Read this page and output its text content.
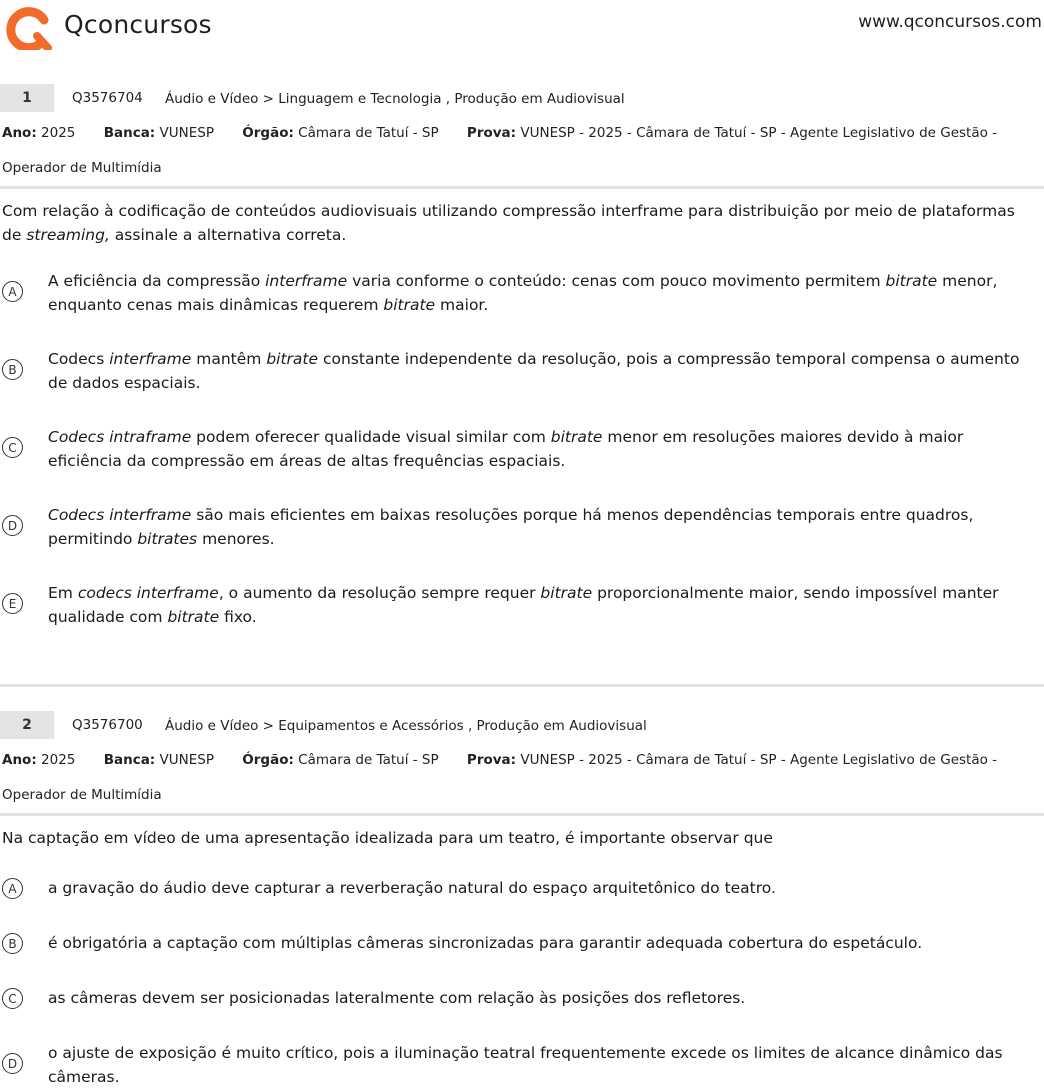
Qconcursos	www.qconcursos.com
1	Q3576704 Áudio e Vídeo > Linguagem e Tecnologia , Produção em Audiovisual
Ano: 2025 Banca: VUNESP Órgão: Câmara de Tatuí - SP Prova: VUNESP - 2025 - Câmara de Tatuí - SP - Agente Legislativo de Gestão - Operador de Multimídia
Com relação à codificação de conteúdos audiovisuais utilizando compressão interframe para distribuição por meio de plataformas de streaming, assinale a alternativa correta.
A
A eficiência da compressão interframe varia conforme o conteúdo: cenas com pouco movimento permitem bitrate menor, enquanto cenas mais dinâmicas requerem bitrate maior.
B
Codecs interframe mantêm bitrate constante independente da resolução, pois a compressão temporal compensa o aumento de dados espaciais.
C
Codecs intraframe podem oferecer qualidade visual similar com bitrate menor em resoluções maiores devido à maior eficiência da compressão em áreas de altas frequências espaciais.
D
Codecs interframe são mais eficientes em baixas resoluções porque há menos dependências temporais entre quadros, permitindo bitrates menores.
E
Em codecs interframe, o aumento da resolução sempre requer bitrate proporcionalmente maior, sendo impossível manter qualidade com bitrate fixo.
2	Q3576700 Áudio e Vídeo > Equipamentos e Acessórios , Produção em Audiovisual
Ano: 2025 Banca: VUNESP Órgão: Câmara de Tatuí - SP Prova: VUNESP - 2025 - Câmara de Tatuí - SP - Agente Legislativo de Gestão - Operador de Multimídia
Na captação em vídeo de uma apresentação idealizada para um teatro, é importante observar que
A	a gravação do áudio deve capturar a reverberação natural do espaço arquitetônico do teatro.
B	é obrigatória a captação com múltiplas câmeras sincronizadas para garantir adequada cobertura do espetáculo.
C	as câmeras devem ser posicionadas lateralmente com relação às posições dos refletores.
D
o ajuste de exposição é muito crítico, pois a iluminação teatral frequentemente excede os limites de alcance dinâmico das câmeras.
